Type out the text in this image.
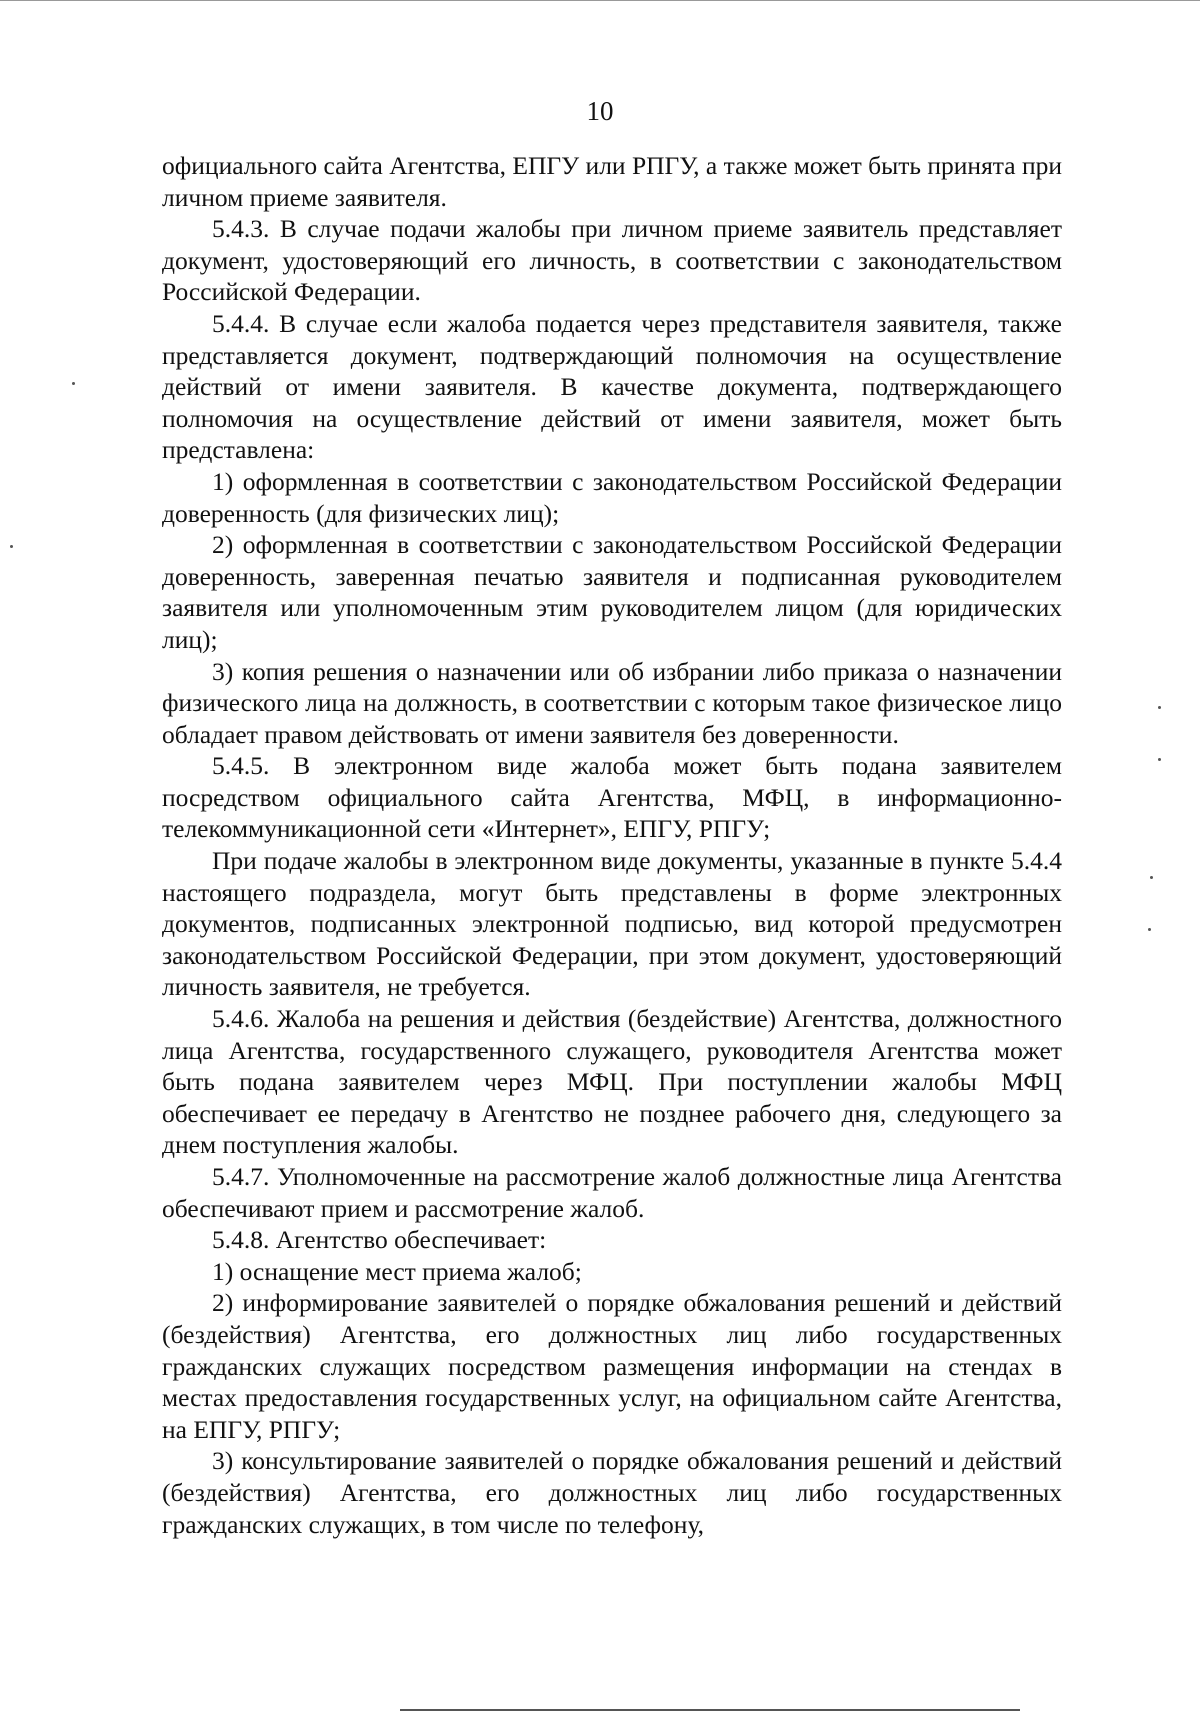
10

официального сайта Агентства, ЕПГУ или РПГУ, а также может быть принята при личном приеме заявителя.

5.4.3. В случае подачи жалобы при личном приеме заявитель представляет документ, удостоверяющий его личность, в соответствии с законодательством Российской Федерации.

5.4.4. В случае если жалоба подается через представителя заявителя, также представляется документ, подтверждающий полномочия на осуществление действий от имени заявителя. В качестве документа, подтверждающего полномочия на осуществление действий от имени заявителя, может быть представлена:

1) оформленная в соответствии с законодательством Российской Федерации доверенность (для физических лиц);

2) оформленная в соответствии с законодательством Российской Федерации доверенность, заверенная печатью заявителя и подписанная руководителем заявителя или уполномоченным этим руководителем лицом (для юридических лиц);

3) копия решения о назначении или об избрании либо приказа о назначении физического лица на должность, в соответствии с которым такое физическое лицо обладает правом действовать от имени заявителя без доверенности.

5.4.5. В электронном виде жалоба может быть подана заявителем посредством официального сайта Агентства, МФЦ, в информационно-телекоммуникационной сети «Интернет», ЕПГУ, РПГУ;

При подаче жалобы в электронном виде документы, указанные в пункте 5.4.4 настоящего подраздела, могут быть представлены в форме электронных документов, подписанных электронной подписью, вид которой предусмотрен законодательством Российской Федерации, при этом документ, удостоверяющий личность заявителя, не требуется.

5.4.6. Жалоба на решения и действия (бездействие) Агентства, должностного лица Агентства, государственного служащего, руководителя Агентства может быть подана заявителем через МФЦ. При поступлении жалобы МФЦ обеспечивает ее передачу в Агентство не позднее рабочего дня, следующего за днем поступления жалобы.

5.4.7. Уполномоченные на рассмотрение жалоб должностные лица Агентства обеспечивают прием и рассмотрение жалоб.

5.4.8. Агентство обеспечивает:

1) оснащение мест приема жалоб;

2) информирование заявителей о порядке обжалования решений и действий (бездействия) Агентства, его должностных лиц либо государственных гражданских служащих посредством размещения информации на стендах в местах предоставления государственных услуг, на официальном сайте Агентства, на ЕПГУ, РПГУ;

3) консультирование заявителей о порядке обжалования решений и действий (бездействия) Агентства, его должностных лиц либо государственных гражданских служащих, в том числе по телефону,
